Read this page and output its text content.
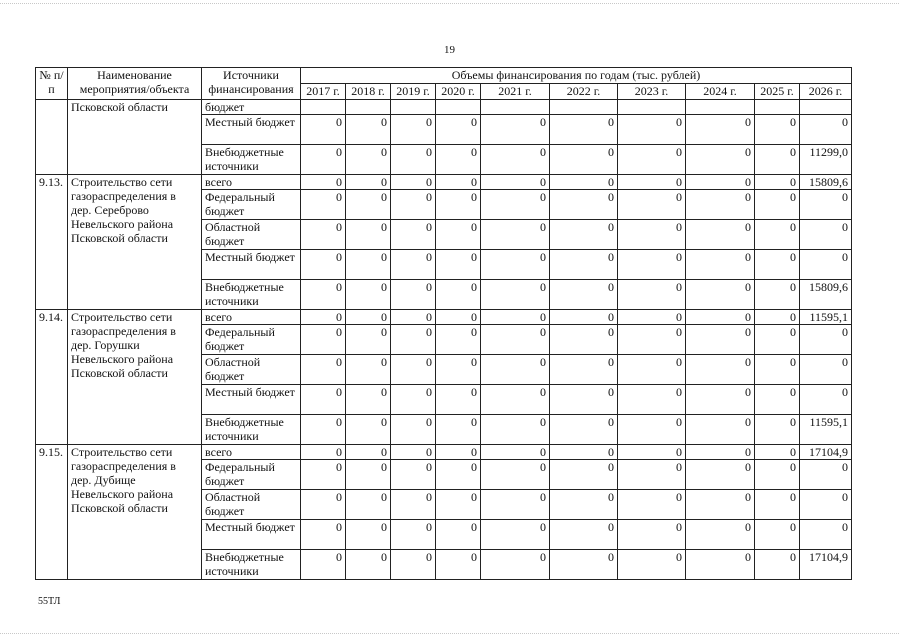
19
№ п/п	Наименование мероприятия/объекта	Источники финансирования	Объемы финансирования по годам (тыс. рублей)									
			2017 г.	2018 г.	2019 г.	2020 г.	2021 г.	2022 г.	2023 г.	2024 г.	2025 г.	2026 г.
	Псковской области	бюджет										
		Местный бюджет	0	0	0	0	0	0	0	0	0	0
		Внебюджетные источники	0	0	0	0	0	0	0	0	0	11299,0
9.13.	Строительство сети газораспределения в дер. Сереброво Невельского района Псковской области	всего	0	0	0	0	0	0	0	0	0	15809,6
		Федеральный бюджет	0	0	0	0	0	0	0	0	0	0
		Областной бюджет	0	0	0	0	0	0	0	0	0	0
		Местный бюджет	0	0	0	0	0	0	0	0	0	0
		Внебюджетные источники	0	0	0	0	0	0	0	0	0	15809,6
9.14.	Строительство сети газораспределения в дер. Горушки Невельского района Псковской области	всего	0	0	0	0	0	0	0	0	0	11595,1
		Федеральный бюджет	0	0	0	0	0	0	0	0	0	0
		Областной бюджет	0	0	0	0	0	0	0	0	0	0
		Местный бюджет	0	0	0	0	0	0	0	0	0	0
		Внебюджетные источники	0	0	0	0	0	0	0	0	0	11595,1
9.15.	Строительство сети газораспределения в дер. Дубище Невельского района Псковской области	всего	0	0	0	0	0	0	0	0	0	17104,9
		Федеральный бюджет	0	0	0	0	0	0	0	0	0	0
		Областной бюджет	0	0	0	0	0	0	0	0	0	0
		Местный бюджет	0	0	0	0	0	0	0	0	0	0
		Внебюджетные источники	0	0	0	0	0	0	0	0	0	17104,9
55ТЛ
